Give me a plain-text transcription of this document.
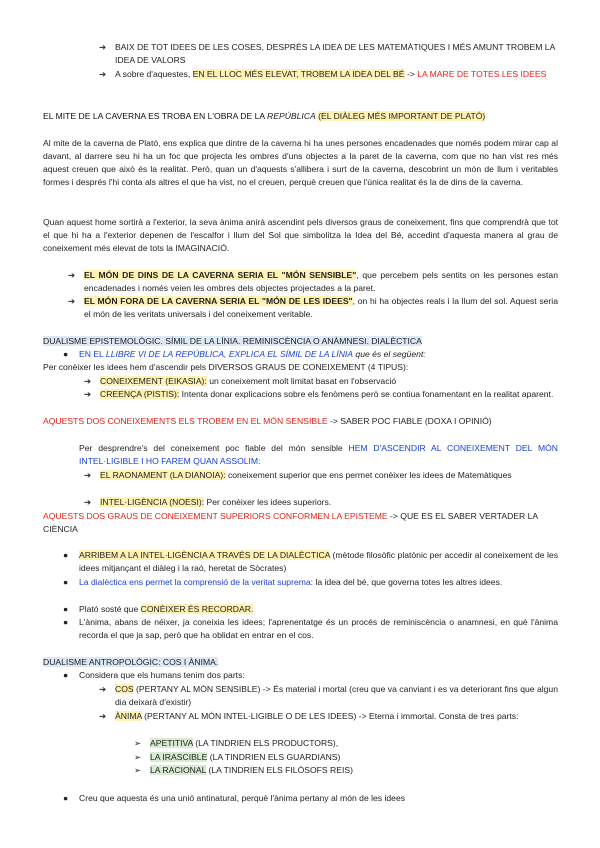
➔	BAIX DE TOT IDEES DE LES COSES, DESPRÉS LA IDEA DE LES MATEMÀTIQUES I MÉS AMUNT TROBEM LA IDEA DE VALORS
➔	A sobre d'aquestes, EN EL LLOC MÉS ELEVAT, TROBEM LA IDEA DEL BÉ -> LA MARE DE TOTES LES IDEES
EL MITE DE LA CAVERNA ES TROBA EN L'OBRA DE LA REPÚBLICA (EL DIÀLEG MÉS IMPORTANT DE PLATÓ)
Al mite de la caverna de Plató, ens explica que dintre de la caverna hi ha unes persones encadenades que només podem mirar cap al davant, al darrere seu hi ha un foc que projecta les ombres d'uns objectes a la paret de la caverna, com que no han vist res més aquest creuen que això és la realitat. Però, quan un d'aquests s'allibera i surt de la caverna, descobrint un món de llum i veritables formes i després l'hi conta als altres el que ha vist, no el creuen, perquè creuen que l'única realitat és la de dins de la caverna.
Quan aquest home sortirà a l'exterior, la seva ànima anirà ascendint pels diversos graus de coneixement, fins que comprendrà que tot el que hi ha a l'exterior depenen de l'escalfor i llum del Sol que simbolitza la Idea del Bé, accedint d'aquesta manera al grau de coneixement més elevat de tots la IMAGINACIÓ.
➔	EL MÓN DE DINS DE LA CAVERNA SERIA EL "MÓN SENSIBLE", que percebem pels sentits on les persones estan encadenades i només veien les ombres dels objectes projectades a la paret.
➔	EL MÓN FORA DE LA CAVERNA SERIA EL "MÓN DE LES IDEES", on hi ha objectes reals i la llum del sol. Aquest seria el món de les veritats universals i del coneixement veritable.
DUALISME EPISTEMOLÒGIC. SÍMIL DE LA LÍNIA. REMINISCÈNCIA O ANÀMNESI. DIALÈCTICA
●	EN EL LLIBRE VI DE LA REPÚBLICA, EXPLICA EL SÍMIL DE LA LÍNIA que és el següent:
Per conèixer les idees hem d'ascendir pels DIVERSOS GRAUS DE CONEIXEMENT (4 TIPUS):
➔	CONEIXEMENT (EIKASIA): un coneixement molt limitat basat en l'observació
➔	CREENÇA (PISTIS): Intenta donar explicacions sobre els fenòmens però se contiua fonamentant en la realitat aparent.
AQUESTS DOS CONEIXEMENTS ELS TROBEM EN EL MÓN SENSIBLE -> SABER POC FIABLE (DOXA I OPINIÓ)
Per desprendre's del coneixement poc fiable del món sensible HEM D'ASCENDIR AL CONEIXEMENT DEL MÓN INTEL·LIGIBLE I HO FAREM QUAN ASSOLIM:
➔	EL RAONAMENT (LA DIANOIA): coneixement superior que ens permet conèixer les idees de Matemàtiques
➔	INTEL·LIGÈNCIA (NOESI): Per conèixer les idees superiors.
AQUESTS DOS GRAUS DE CONEIXEMENT SUPERIORS CONFORMEN LA EPISTEME -> QUE ES EL SABER VERTADER LA CIÈNCIA
●	ARRIBEM A LA INTEL·LIGÈNCIA A TRAVÉS DE LA DIALÈCTICA (mètode filosòfic platònic per accedir al coneixement de les idees mitjançant el diàleg i la raó, heretat de Sòcrates)
●	La dialèctica ens permet la comprensió de la veritat suprema: la idea del bé, que governa totes les altres idees.
●	Plató sosté que CONÈIXER ÉS RECORDAR.
●	L'ànima, abans de néixer, ja coneixia les idees; l'aprenentatge és un procés de reminiscència o anamnesi, en què l'ànima recorda el que ja sap, però que ha oblidat en entrar en el cos.
DUALISME ANTROPOLÒGIC: COS I ÀNIMA.
●	Considera que els humans tenim dos parts:
➔	COS (PERTANY AL MÓN SENSIBLE) -> És material i mortal (creu que va canviant i es va deteriorant fins que algun dia deixarà d'existir)
➔	ÀNIMA (PERTANY AL MÓN INTEL·LIGIBLE O DE LES IDEES) -> Eterna i immortal. Consta de tres parts:
➢	APETITIVA (LA TINDRIEN ELS PRODUCTORS),
➢	LA IRASCIBLE (LA TINDRIEN ELS GUARDIANS)
➢	LA RACIONAL (LA TINDRIEN ELS FILÒSOFS REIS)
●	Creu que aquesta és una unió antinatural, perquè l'ànima pertany al món de les idees
